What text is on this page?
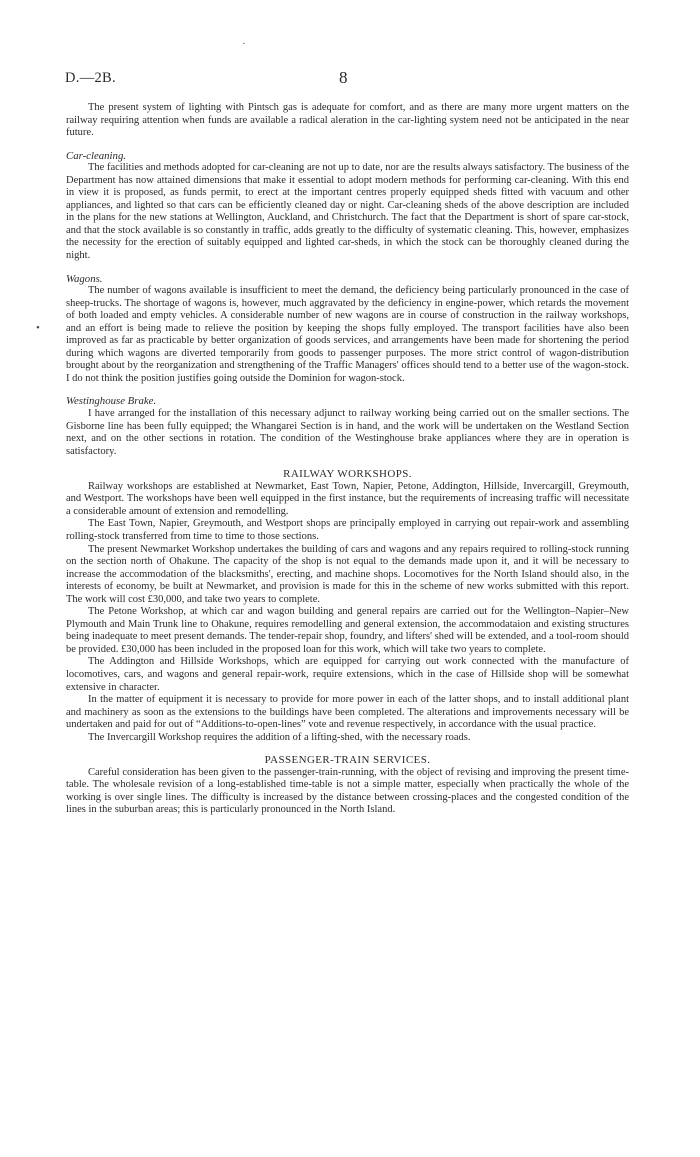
D.—2B.	8
·
•

The present system of lighting with Pintsch gas is adequate for comfort, and as there are many more urgent matters on the railway requiring attention when funds are available a radical aleration in the car-lighting system need not be anticipated in the near future.

Car-cleaning.

The facilities and methods adopted for car-cleaning are not up to date, nor are the results always satisfactory. The business of the Department has now attained dimensions that make it essential to adopt modern methods for performing car-cleaning. With this end in view it is proposed, as funds permit, to erect at the important centres properly equipped sheds fitted with vacuum and other appliances, and lighted so that cars can be efficiently cleaned day or night. Car-cleaning sheds of the above description are included in the plans for the new stations at Wellington, Auckland, and Christchurch. The fact that the Department is short of spare car-stock, and that the stock available is so constantly in traffic, adds greatly to the difficulty of systematic cleaning. This, however, emphasizes the necessity for the erection of suitably equipped and lighted car-sheds, in which the stock can be thoroughly cleaned during the night.

Wagons.

The number of wagons available is insufficient to meet the demand, the deficiency being particularly pronounced in the case of sheep-trucks. The shortage of wagons is, however, much aggravated by the deficiency in engine-power, which retards the movement of both loaded and empty vehicles. A considerable number of new wagons are in course of construction in the railway workshops, and an effort is being made to relieve the position by keeping the shops fully employed. The transport facilities have also been improved as far as practicable by better organization of goods services, and arrangements have been made for shortening the period during which wagons are diverted temporarily from goods to passenger purposes. The more strict control of wagon-distribution brought about by the reorganization and strengthening of the Traffic Managers' offices should tend to a better use of the wagon-stock. I do not think the position justifies going outside the Dominion for wagon-stock.

Westinghouse Brake.

I have arranged for the installation of this necessary adjunct to railway working being carried out on the smaller sections. The Gisborne line has been fully equipped; the Whangarei Section is in hand, and the work will be undertaken on the Westland Section next, and on the other sections in rotation. The condition of the Westinghouse brake appliances where they are in operation is satisfactory.

RAILWAY WORKSHOPS.

Railway workshops are established at Newmarket, East Town, Napier, Petone, Addington, Hillside, Invercargill, Greymouth, and Westport. The workshops have been well equipped in the first instance, but the requirements of increasing traffic will necessitate a considerable amount of extension and remodelling.

The East Town, Napier, Greymouth, and Westport shops are principally employed in carrying out repair-work and assembling rolling-stock transferred from time to time to those sections.

The present Newmarket Workshop undertakes the building of cars and wagons and any repairs required to rolling-stock running on the section north of Ohakune. The capacity of the shop is not equal to the demands made upon it, and it will be necessary to increase the accommodation of the blacksmiths', erecting, and machine shops. Locomotives for the North Island should also, in the interests of economy, be built at Newmarket, and provision is made for this in the scheme of new works submitted with this report. The work will cost £30,000, and take two years to complete.

The Petone Workshop, at which car and wagon building and general repairs are carried out for the Wellington–Napier–New Plymouth and Main Trunk line to Ohakune, requires remodelling and general extension, the accommodataion and existing structures being inadequate to meet present demands. The tender-repair shop, foundry, and lifters' shed will be extended, and a tool-room should be provided. £30,000 has been included in the proposed loan for this work, which will take two years to complete.

The Addington and Hillside Workshops, which are equipped for carrying out work connected with the manufacture of locomotives, cars, and wagons and general repair-work, require extensions, which in the case of Hillside shop will be somewhat extensive in character.

In the matter of equipment it is necessary to provide for more power in each of the latter shops, and to install additional plant and machinery as soon as the extensions to the buildings have been completed. The alterations and improvements necessary will be undertaken and paid for out of “Additions-to-open-lines” vote and revenue respectively, in accordance with the usual practice.

The Invercargill Workshop requires the addition of a lifting-shed, with the necessary roads.

PASSENGER-TRAIN SERVICES.

Careful consideration has been given to the passenger-train-running, with the object of revising and improving the present time-table. The wholesale revision of a long-established time-table is not a simple matter, especially when practically the whole of the working is over single lines. The difficulty is increased by the distance between crossing-places and the congested condition of the lines in the suburban areas; this is particularly pronounced in the North Island.
